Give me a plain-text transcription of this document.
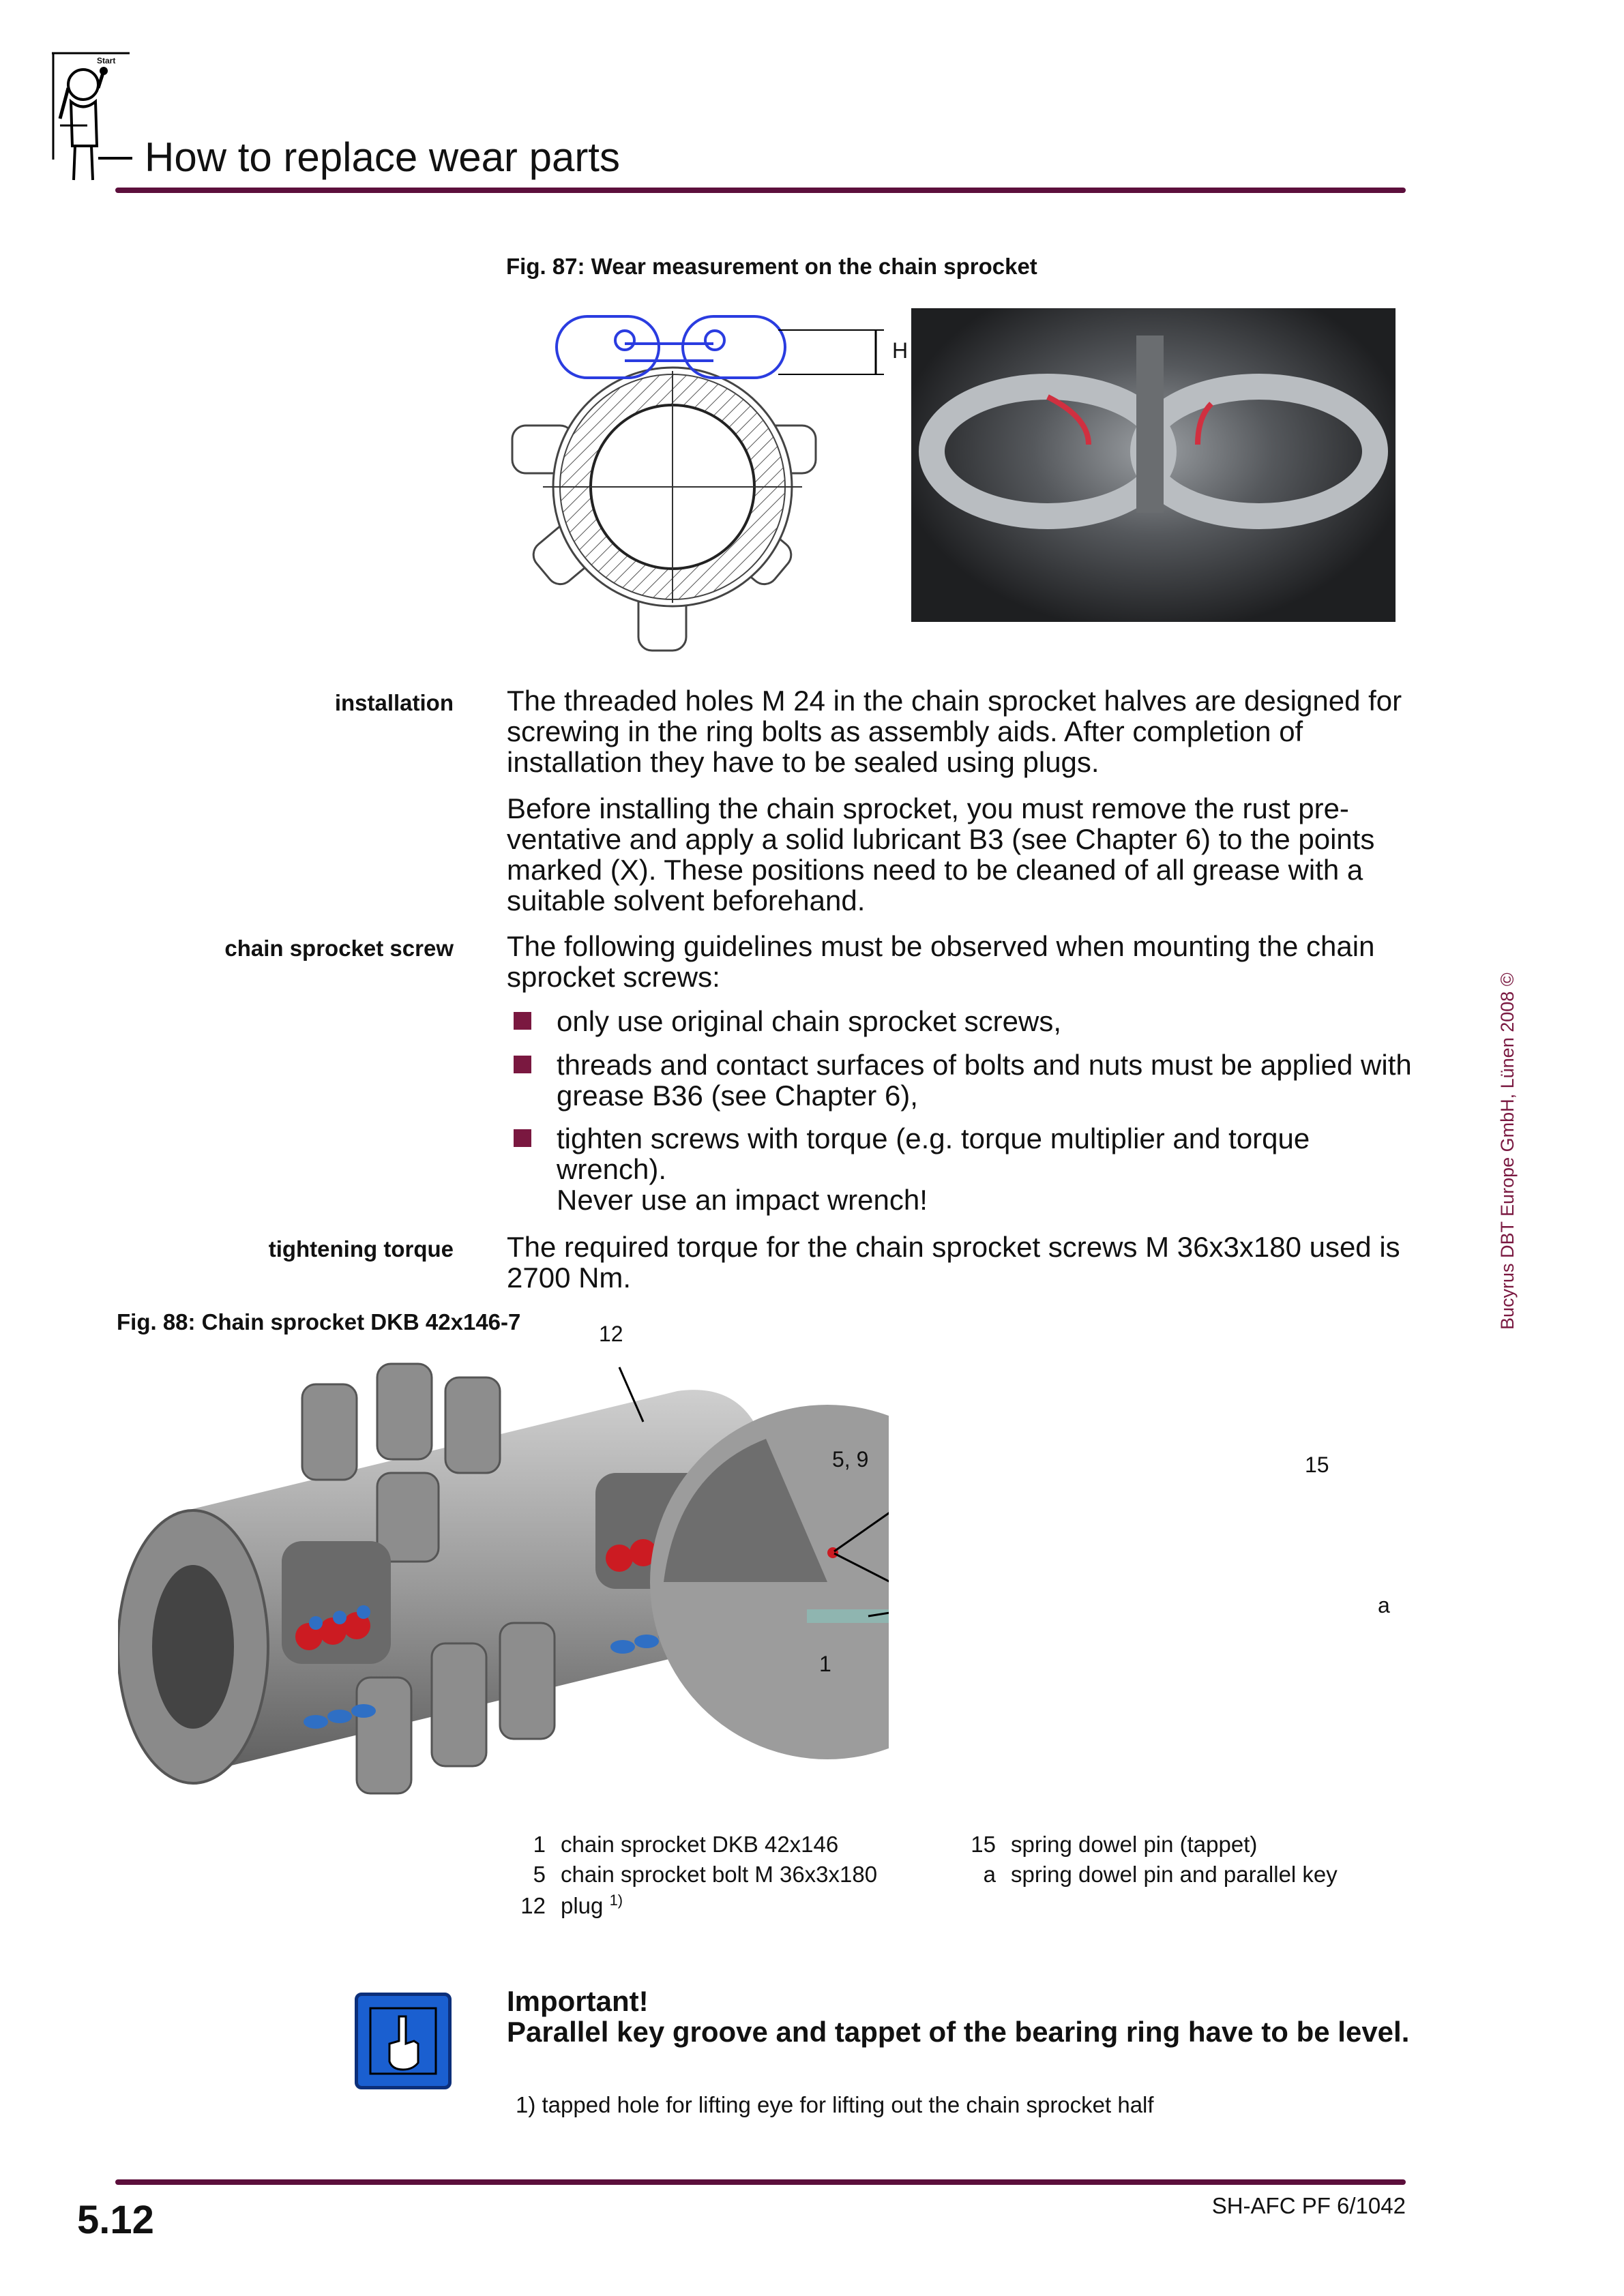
Start
How to replace wear parts
Fig. 87: Wear measurement on the chain sprocket
H
installation The threaded holes M 24 in the chain sprocket halves are designed for screwing in the ring bolts as assembly aids. After completion of installation they have to be sealed using plugs.
Before installing the chain sprocket, you must remove the rust pre-ventative and apply a solid lubricant B3 (see Chapter 6) to the points marked (X). These positions need to be cleaned of all grease with a suitable solvent beforehand.
chain sprocket screw The following guidelines must be observed when mounting the chain sprocket screws:
only use original chain sprocket screws,
threads and contact surfaces of bolts and nuts must be applied with grease B36 (see Chapter 6),
tighten screws with torque (e.g. torque multiplier and torque wrench).
Never use an impact wrench!
tightening torque The required torque for the chain sprocket screws M 36x3x180 used is 2700 Nm.
Fig. 88: Chain sprocket DKB 42x146-7	12
5, 9
1
15
a
1 chain sprocket DKB 42x146
5 chain sprocket bolt M 36x3x180
12 plug $^{1)}$
15 spring dowel pin (tappet)
a spring dowel pin and parallel key
Important!
Parallel key groove and tappet of the bearing ring have to be level.
1) tapped hole for lifting eye for lifting out the chain sprocket half
Bucyrus DBT Europe GmbH, Lünen 2008 ©
5.12	SH-AFC PF 6/1042
